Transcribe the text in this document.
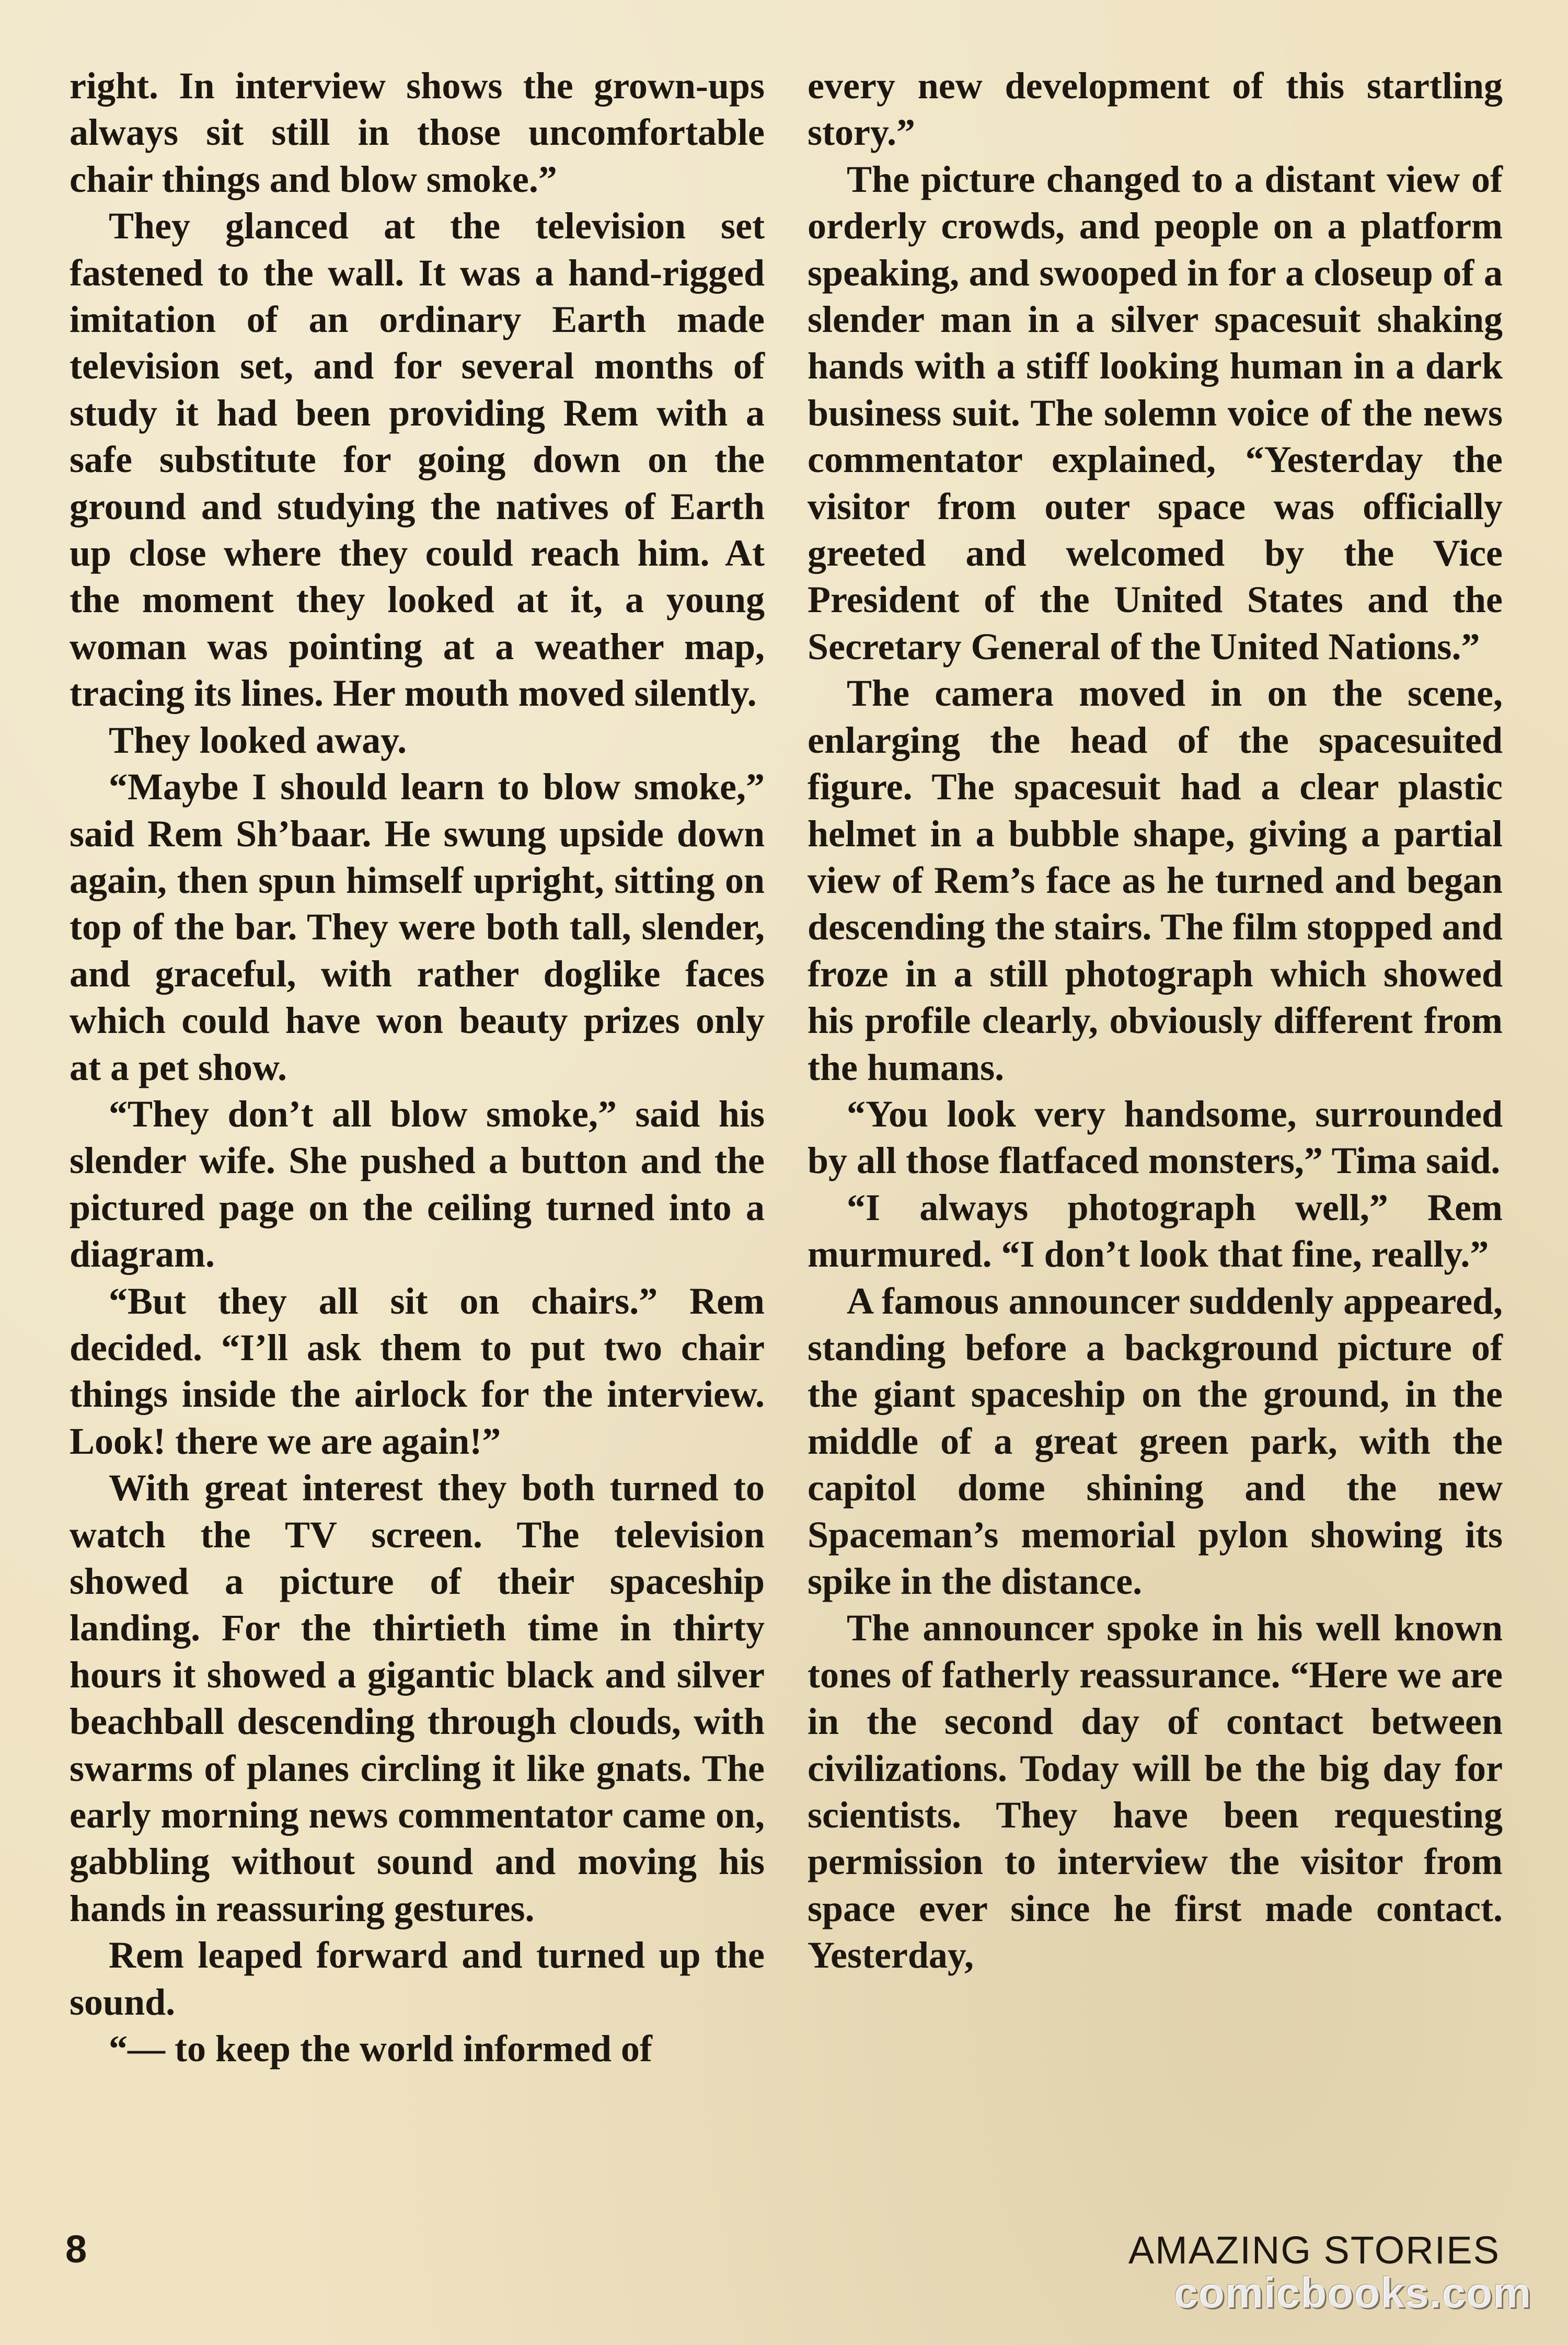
right. In interview shows the grown-ups always sit still in those uncomfortable chair things and blow smoke.”

They glanced at the television set fastened to the wall. It was a hand-rigged imitation of an ordinary Earth made television set, and for several months of study it had been providing Rem with a safe substitute for going down on the ground and studying the natives of Earth up close where they could reach him. At the moment they looked at it, a young woman was pointing at a weather map, tracing its lines. Her mouth moved silently.

They looked away.

“Maybe I should learn to blow smoke,” said Rem Sh’baar. He swung upside down again, then spun himself upright, sitting on top of the bar. They were both tall, slender, and graceful, with rather doglike faces which could have won beauty prizes only at a pet show.

“They don’t all blow smoke,” said his slender wife. She pushed a button and the pictured page on the ceiling turned into a diagram.

“But they all sit on chairs.” Rem decided. “I’ll ask them to put two chair things inside the airlock for the interview. Look! there we are again!”

With great interest they both turned to watch the TV screen. The television showed a picture of their spaceship landing. For the thirtieth time in thirty hours it showed a gigantic black and silver beachball descending through clouds, with swarms of planes circling it like gnats. The early morning news commentator came on, gabbling without sound and moving his hands in reassuring gestures.

Rem leaped forward and turned up the sound.

“— to keep the world informed of

every new development of this startling story.”

The picture changed to a distant view of orderly crowds, and people on a platform speaking, and swooped in for a closeup of a slender man in a silver spacesuit shaking hands with a stiff looking human in a dark business suit. The solemn voice of the news commentator explained, “Yesterday the visitor from outer space was officially greeted and welcomed by the Vice President of the United States and the Secretary General of the United Nations.”

The camera moved in on the scene, enlarging the head of the spacesuited figure. The spacesuit had a clear plastic helmet in a bubble shape, giving a partial view of Rem’s face as he turned and began descending the stairs. The film stopped and froze in a still photograph which showed his profile clearly, obviously different from the humans.

“You look very handsome, surrounded by all those flatfaced monsters,” Tima said.

“I always photograph well,” Rem murmured. “I don’t look that fine, really.”

A famous announcer suddenly appeared, standing before a background picture of the giant spaceship on the ground, in the middle of a great green park, with the capitol dome shining and the new Spaceman’s memorial pylon showing its spike in the distance.

The announcer spoke in his well known tones of fatherly reassurance. “Here we are in the second day of contact between civilizations. Today will be the big day for scientists. They have been requesting permission to interview the visitor from space ever since he first made contact. Yesterday,

8	AMAZING STORIES
comicbooks.com
